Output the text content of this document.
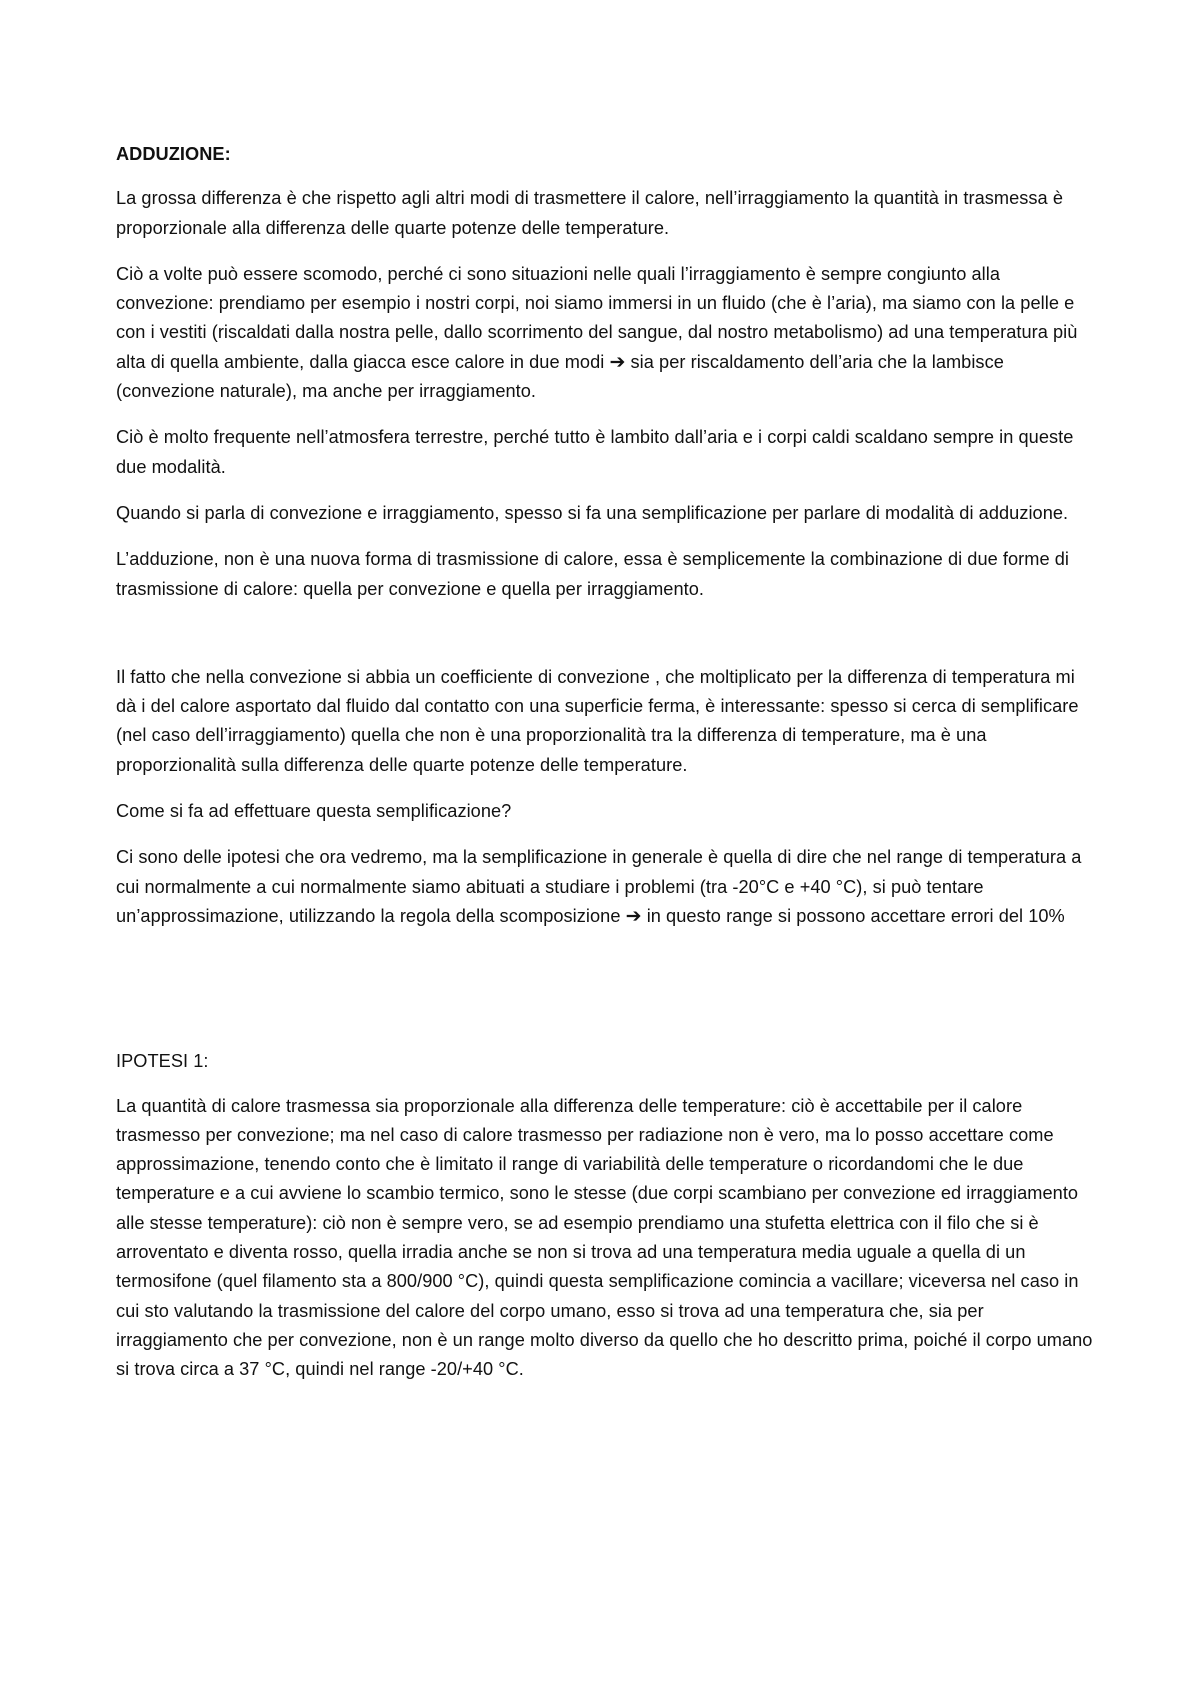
ADDUZIONE:

La grossa differenza è che rispetto agli altri modi di trasmettere il calore, nell’irraggiamento la quantità in trasmessa è proporzionale alla differenza delle quarte potenze delle temperature.

Ciò a volte può essere scomodo, perché ci sono situazioni nelle quali l’irraggiamento è sempre congiunto alla convezione: prendiamo per esempio i nostri corpi, noi siamo immersi in un fluido (che è l’aria), ma siamo con la pelle e con i vestiti (riscaldati dalla nostra pelle, dallo scorrimento del sangue, dal nostro metabolismo) ad una temperatura più alta di quella ambiente, dalla giacca esce calore in due modi ➔ sia per riscaldamento dell’aria che la lambisce (convezione naturale), ma anche per irraggiamento.

Ciò è molto frequente nell’atmosfera terrestre, perché tutto è lambito dall’aria e i corpi caldi scaldano sempre in queste due modalità.

Quando si parla di convezione e irraggiamento, spesso si fa una semplificazione per parlare di modalità di adduzione.

L’adduzione, non è una nuova forma di trasmissione di calore, essa è semplicemente la combinazione di due forme di trasmissione di calore: quella per convezione e quella per irraggiamento.

Il fatto che nella convezione si abbia un coefficiente di convezione , che moltiplicato per la differenza di temperatura mi dà i del calore asportato dal fluido dal contatto con una superficie ferma, è interessante: spesso si cerca di semplificare (nel caso dell’irraggiamento) quella che non è una proporzionalità tra la differenza di temperature, ma è una proporzionalità sulla differenza delle quarte potenze delle temperature.

Come si fa ad effettuare questa semplificazione?

Ci sono delle ipotesi che ora vedremo, ma la semplificazione in generale è quella di dire che nel range di temperatura a cui normalmente a cui normalmente siamo abituati a studiare i problemi (tra -20°C e +40 °C), si può tentare un’approssimazione, utilizzando la regola della scomposizione ➔ in questo range si possono accettare errori del 10%

IPOTESI 1:

La quantità di calore trasmessa sia proporzionale alla differenza delle temperature: ciò è accettabile per il calore trasmesso per convezione; ma nel caso di calore trasmesso per radiazione non è vero, ma lo posso accettare come approssimazione, tenendo conto che è limitato il range di variabilità delle temperature o ricordandomi che le due temperature e a cui avviene lo scambio termico, sono le stesse (due corpi scambiano per convezione ed irraggiamento alle stesse temperature): ciò non è sempre vero, se ad esempio prendiamo una stufetta elettrica con il filo che si è arroventato e diventa rosso, quella irradia anche se non si trova ad una temperatura media uguale a quella di un termosifone (quel filamento sta a 800/900 °C), quindi questa semplificazione comincia a vacillare; viceversa nel caso in cui sto valutando la trasmissione del calore del corpo umano, esso si trova ad una temperatura che, sia per irraggiamento che per convezione, non è un range molto diverso da quello che ho descritto prima, poiché il corpo umano si trova circa a 37 °C, quindi nel range -20/+40 °C.
